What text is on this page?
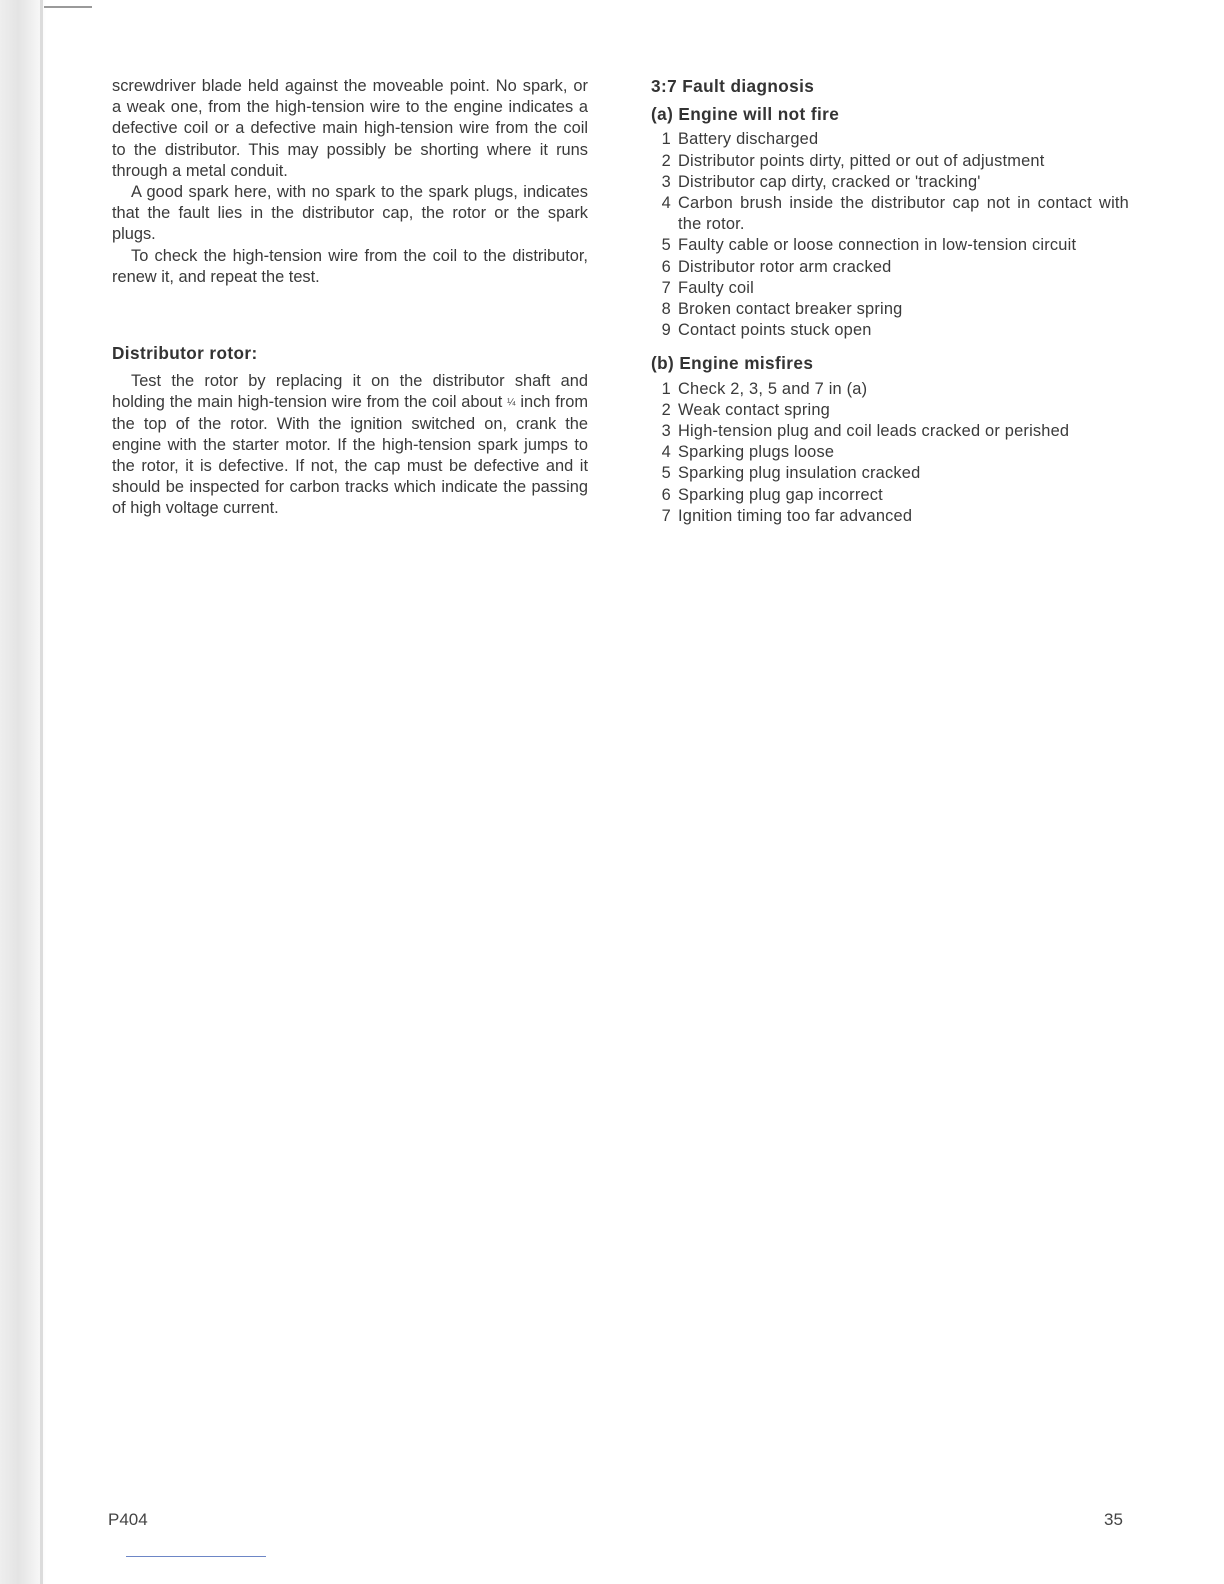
screwdriver blade held against the moveable point. No spark, or a weak one, from the high-tension wire to the engine indicates a defective coil or a defective main high-tension wire from the coil to the distributor. This may possibly be shorting where it runs through a metal conduit.

A good spark here, with no spark to the spark plugs, indicates that the fault lies in the distributor cap, the rotor or the spark plugs.

To check the high-tension wire from the coil to the distributor, renew it, and repeat the test.

Distributor rotor:

Test the rotor by replacing it on the distributor shaft and holding the main high-tension wire from the coil about ¼ inch from the top of the rotor. With the ignition switched on, crank the engine with the starter motor. If the high-tension spark jumps to the rotor, it is defective. If not, the cap must be defective and it should be inspected for carbon tracks which indicate the passing of high voltage current.

3:7 Fault diagnosis
(a) Engine will not fire
1 Battery discharged
2 Distributor points dirty, pitted or out of adjustment
3 Distributor cap dirty, cracked or 'tracking'
4 Carbon brush inside the distributor cap not in contact with the rotor.
5 Faulty cable or loose connection in low-tension circuit
6 Distributor rotor arm cracked
7 Faulty coil
8 Broken contact breaker spring
9 Contact points stuck open
(b) Engine misfires
1 Check 2, 3, 5 and 7 in (a)
2 Weak contact spring
3 High-tension plug and coil leads cracked or perished
4 Sparking plugs loose
5 Sparking plug insulation cracked
6 Sparking plug gap incorrect
7 Ignition timing too far advanced
P404	35
